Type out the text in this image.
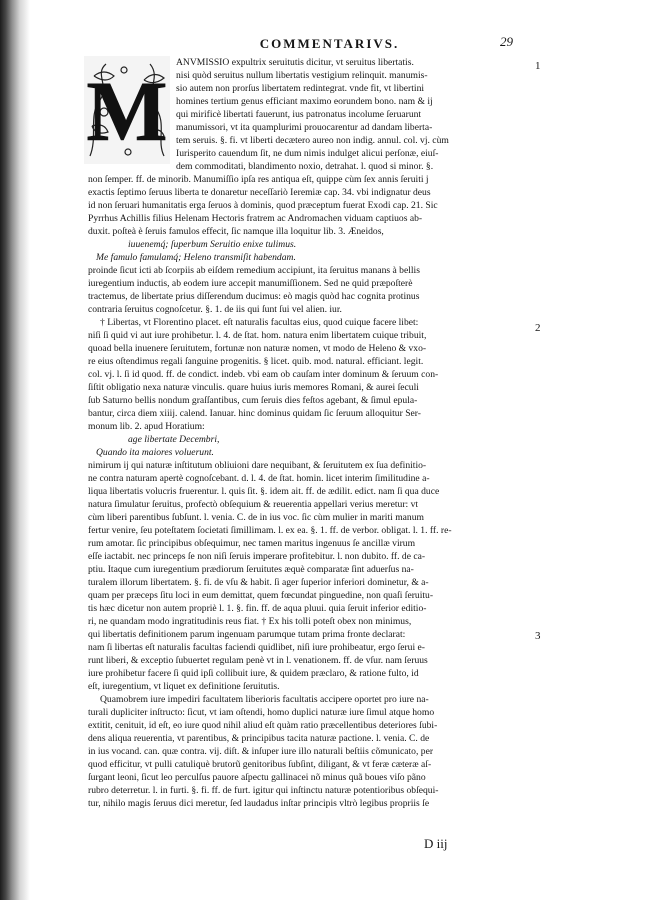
COMMENTARIVS.	29
M
ANVMISSIO expultrix seruitutis dicitur, vt seruitus libertatis.
nisi quòd seruitus nullum libertatis vestigium relinquit. manumis-
sio autem non prorſus libertatem redintegrat. vnde fit, vt libertini
homines tertium genus efficiant maximo eorundem bono. nam & ij
qui mirificè libertati fauerunt, ius patronatus incolume ſeruarunt
manumissori, vt ita quamplurimi prouocarentur ad dandam liberta-
tem seruis. §. fi. vt liberti decætero aureo non indig. annul. col. vj. cùm
Iurisperito cauendum ſit, ne dum nimis indulget alicui perſonæ, eiuſ-
dem commoditati, blandimento noxio, detrahat. l. quod si minor. §.
non ſemper. ff. de minorib. Manumiſſio ipſa res antiqua eſt, quippe cùm ſex annis ſeruiti j
exactis ſeptimo ſeruus liberta te donaretur neceſſariò Ieremiæ cap. 34. vbi indignatur deus
id non ſeruari humanitatis erga ſeruos à dominis, quod præceptum fuerat Exodi cap. 21. Sic
Pyrrhus Achillis filius Helenam Hectoris fratrem ac Andromachen viduam captiuos ab-
duxit. poſteà è ſeruis famulos effecit, ſic namque illa loquitur lib. 3. Æneidos,
iuuenemq́; ſuperbum Seruitio enixe tulimus.
Me famulo famulamq́; Heleno transmiſit habendam.
proinde ſicut icti ab ſcorpiis ab eiſdem remedium accipiunt, ita ſeruitus manans à bellis
iuregentium inductis, ab eodem iure accepit manumiſſionem. Sed ne quid præpoſterè
tractemus, de libertate prius diſſerendum ducimus: eò magis quòd hac cognita protinus
contraria ſeruitus cognoſcetur. §. 1. de iis qui ſunt ſui vel alien. iur.
† Libertas, vt Florentino placet. eſt naturalis facultas eius, quod cuique facere libet:
niſi ſi quid vi aut iure prohibetur. l. 4. de ſtat. hom. natura enim libertatem cuique tribuit,
quoad bella inuenere ſeruitutem, fortunæ non naturæ nomen, vt modo de Heleno & vxo-
re eius oſtendimus regali ſanguine progenitis. § licet. quib. mod. natural. efficiant. legit.
col. vj. l. ſi id quod. ff. de condict. indeb. vbi eam ob cauſam inter dominum & ſeruum con-
ſiſtit obligatio nexa naturæ vinculis. quare huius iuris memores Romani, & aurei ſeculi
ſub Saturno bellis nondum graſſantibus, cum ſeruis dies feſtos agebant, & ſimul epula-
bantur, circa diem xiiij. calend. Ianuar. hinc dominus quidam ſic ſeruum alloquitur Ser-
monum lib. 2. apud Horatium:
age libertate Decembri,
Quando ita maiores voluerunt.
nimirum ij qui naturæ inſtitutum obliuioni dare nequibant, & ſeruitutem ex ſua definitio-
ne contra naturam apertè cognoſcebant. d. l. 4. de ſtat. homin. licet interim ſimilitudine a-
liqua libertatis volucris fruerentur. l. quis ſit. §. idem ait. ff. de ædilit. edict. nam ſi qua duce
natura ſimulatur ſeruitus, profectò obſequium & reuerentia appellari verius meretur: vt
cùm liberi parentibus ſubſunt. l. venia. C. de in ius voc. ſic cùm mulier in mariti manum
fertur venire, ſeu poteſtatem ſocietati ſimillimam. l. ex ea. §. 1. ff. de verbor. obligat. l. 1. ff. re-
rum amotar. ſic principibus obſequimur, nec tamen maritus ingenuus ſe ancillæ virum
eſſe iactabit. nec princeps ſe non niſi ſeruis imperare profitebitur. l. non dubito. ff. de ca-
ptiu. Itaque cum iuregentium prædiorum ſeruitutes æquè comparatæ ſint aduerſus na-
turalem illorum libertatem. §. fi. de vſu & habit. ſi ager ſuperior inferiori dominetur, & a-
quam per præceps ſitu loci in eum demittat, quem fœcundat pinguedine, non quaſi ſeruitu-
tis hæc dicetur non autem propriè l. 1. §. fin. ff. de aqua pluui. quia ſeruit inferior editio-
ri, ne quandam modo ingratitudinis reus fiat. † Ex his tolli poteſt obex non minimus,
qui libertatis definitionem parum ingenuam parumque tutam prima fronte declarat:
nam ſi libertas eſt naturalis facultas faciendi quidlibet, niſi iure prohibeatur, ergo ſerui e-
runt liberi, & exceptio ſubuertet regulam penè vt in l. venationem. ff. de vſur. nam ſeruus
iure prohibetur facere ſi quid ipſi collibuit iure, & quidem præclaro, & ratione fulto, id
eſt, iuregentium, vt liquet ex definitione ſeruitutis.
Quamobrem iure impediri facultatem liberioris facultatis accipere oportet pro iure na-
turali dupliciter inſtructo: ſicut, vt iam oſtendi, homo duplici naturæ iure ſimul atque homo
extitit, cenituit, id eſt, eo iure quod nihil aliud eſt quàm ratio præcellentibus deteriores ſubi-
dens aliqua reuerentia, vt parentibus, & principibus tacita naturæ pactione. l. venia. C. de
in ius vocand. can. quæ contra. vij. diſt. & inſuper iure illo naturali beſtiis cõmunicato, per
quod efficitur, vt pulli catuliquè brutorũ genitoribus ſubſint, diligant, & vt feræ cæteræ aſ-
ſurgant leoni, ſicut leo perculſus pauore aſpectu gallinacei nõ minus quã boues viſo pãno
rubro deterretur. l. in furti. §. fi. ff. de furt. igitur qui inſtinctu naturæ potentioribus obſequi-
tur, nihilo magis ſeruus dici meretur, ſed laudadus inſtar principis vltrò legibus propriis ſe
1
2
3
D iij
